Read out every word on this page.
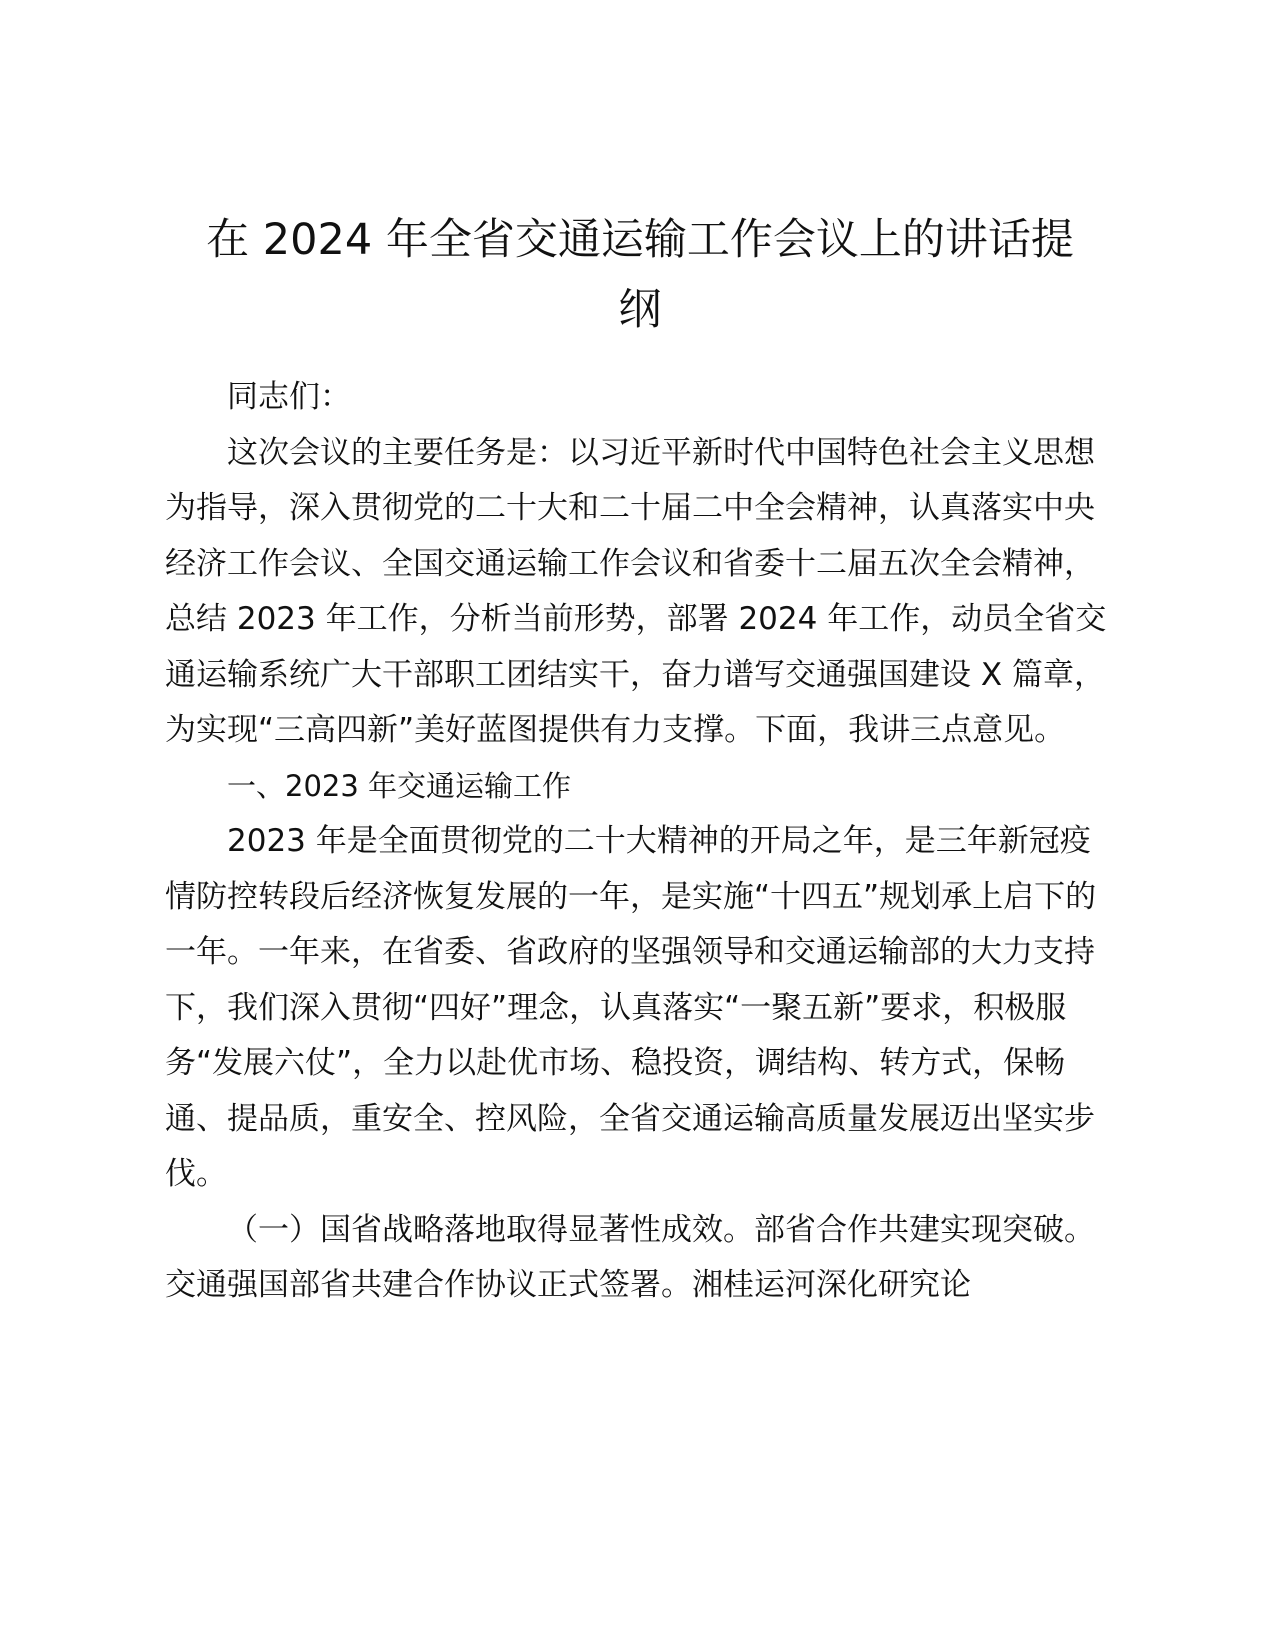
在 2024 年全省交通运输工作会议上的讲话提
纲

同志们：

这次会议的主要任务是：以习近平新时代中国特色社会主义思想为指导，深入贯彻党的二十大和二十届二中全会精神，认真落实中央经济工作会议、全国交通运输工作会议和省委十二届五次全会精神，总结 2023 年工作，分析当前形势，部署 2024 年工作，动员全省交通运输系统广大干部职工团结实干，奋力谱写交通强国建设 X 篇章，为实现“三高四新”美好蓝图提供有力支撑。下面，我讲三点意见。

一、2023 年交通运输工作

2023 年是全面贯彻党的二十大精神的开局之年，是三年新冠疫情防控转段后经济恢复发展的一年，是实施“十四五”规划承上启下的一年。一年来，在省委、省政府的坚强领导和交通运输部的大力支持下，我们深入贯彻“四好”理念，认真落实“一聚五新”要求，积极服务“发展六仗”，全力以赴优市场、稳投资，调结构、转方式，保畅通、提品质，重安全、控风险，全省交通运输高质量发展迈出坚实步伐。

（一）国省战略落地取得显著性成效。部省合作共建实现突破。交通强国部省共建合作协议正式签署。湘桂运河深化研究论
